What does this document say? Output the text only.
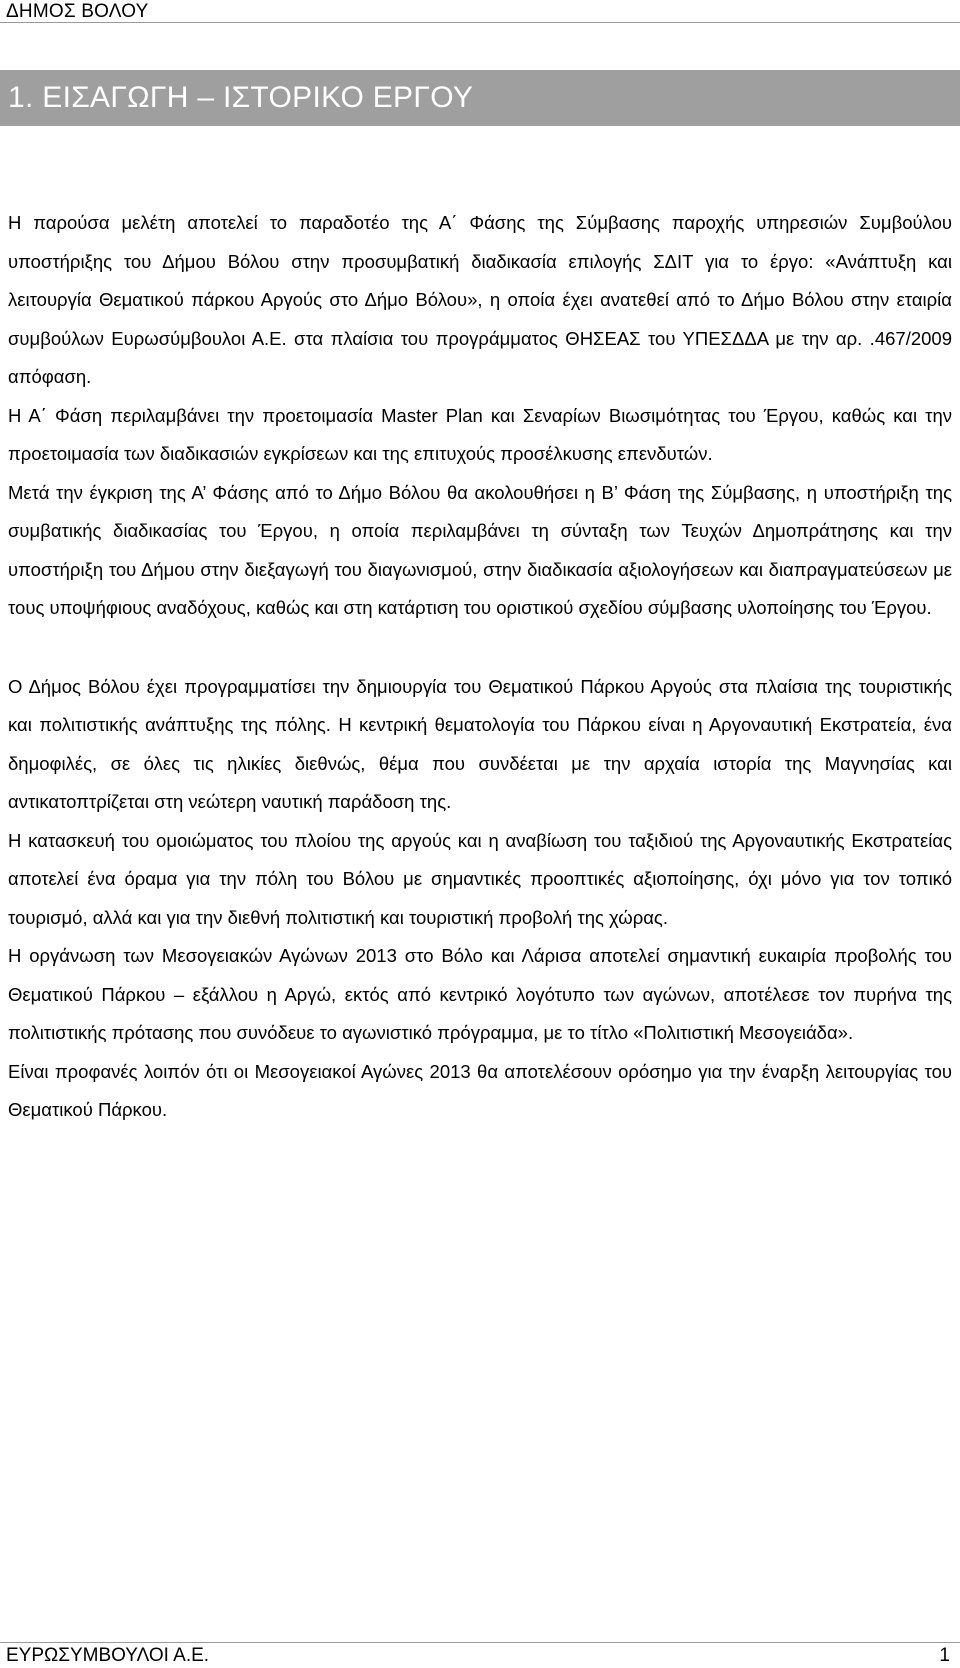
ΔΗΜΟΣ ΒΟΛΟΥ
1. ΕΙΣΑΓΩΓΗ – ΙΣΤΟΡΙΚΟ ΕΡΓΟΥ

Η παρούσα μελέτη αποτελεί το παραδοτέο της Α΄ Φάσης της Σύμβασης παροχής υπηρεσιών Συμβούλου υποστήριξης του Δήμου Βόλου στην προσυμβατική διαδικασία επιλογής ΣΔΙΤ για το έργο: «Ανάπτυξη και λειτουργία Θεματικού πάρκου Αργούς στο Δήμο Βόλου», η οποία έχει ανατεθεί από το Δήμο Βόλου στην εταιρία συμβούλων Ευρωσύμβουλοι Α.Ε. στα πλαίσια του προγράμματος ΘΗΣΕΑΣ του ΥΠΕΣΔΔΑ με την αρ. .467/2009 απόφαση.

Η Α΄ Φάση περιλαμβάνει την προετοιμασία Master Plan και Σεναρίων Βιωσιμότητας του Έργου, καθώς και την προετοιμασία των διαδικασιών εγκρίσεων και της επιτυχούς προσέλκυσης επενδυτών.

Μετά την έγκριση της Α’ Φάσης από το Δήμο Βόλου θα ακολουθήσει η Β’ Φάση της Σύμβασης, η υποστήριξη της συμβατικής διαδικασίας του Έργου, η οποία περιλαμβάνει τη σύνταξη των Τευχών Δημοπράτησης και την υποστήριξη του Δήμου στην διεξαγωγή του διαγωνισμού, στην διαδικασία αξιολογήσεων και διαπραγματεύσεων με τους υποψήφιους αναδόχους, καθώς και στη κατάρτιση του οριστικού σχεδίου σύμβασης υλοποίησης του Έργου.

Ο Δήμος Βόλου έχει προγραμματίσει την δημιουργία του Θεματικού Πάρκου Αργούς στα πλαίσια της τουριστικής και πολιτιστικής ανάπτυξης της πόλης. Η κεντρική θεματολογία του Πάρκου είναι η Αργοναυτική Εκστρατεία, ένα δημοφιλές, σε όλες τις ηλικίες διεθνώς, θέμα που συνδέεται με την αρχαία ιστορία της Μαγνησίας και αντικατοπτρίζεται στη νεώτερη ναυτική παράδοση της.

Η κατασκευή του ομοιώματος του πλοίου της αργούς και η αναβίωση του ταξιδιού της Αργοναυτικής Εκστρατείας αποτελεί ένα όραμα για την πόλη του Βόλου με σημαντικές προοπτικές αξιοποίησης, όχι μόνο για τον τοπικό τουρισμό, αλλά και για την διεθνή πολιτιστική και τουριστική προβολή της χώρας.

Η οργάνωση των Μεσογειακών Αγώνων 2013 στο Βόλο και Λάρισα αποτελεί σημαντική ευκαιρία προβολής του Θεματικού Πάρκου – εξάλλου η Αργώ, εκτός από κεντρικό λογότυπο των αγώνων, αποτέλεσε τον πυρήνα της πολιτιστικής πρότασης που συνόδευε το αγωνιστικό πρόγραμμα, με το τίτλο «Πολιτιστική Μεσογειάδα».

Είναι προφανές λοιπόν ότι οι Μεσογειακοί Αγώνες 2013 θα αποτελέσουν ορόσημο για την έναρξη λειτουργίας του Θεματικού Πάρκου.

ΕΥΡΩΣΥΜΒΟΥΛΟΙ Α.Ε.	1
